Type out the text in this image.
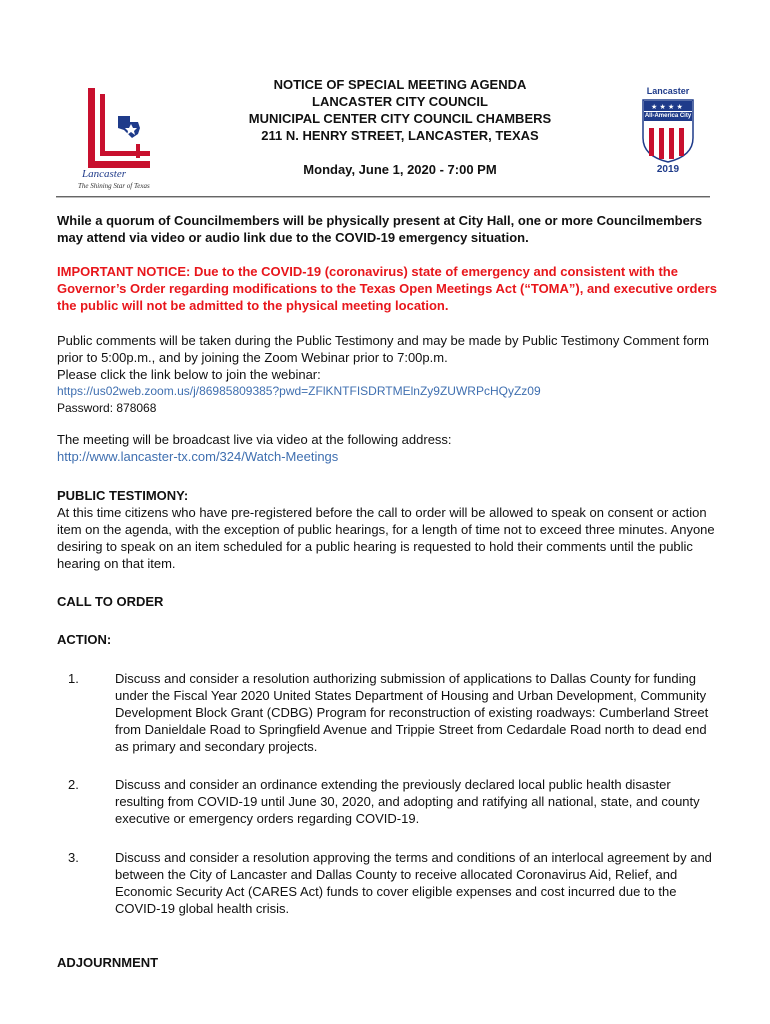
Lancaster
The Shining Star of Texas
NOTICE OF SPECIAL MEETING AGENDA
LANCASTER CITY COUNCIL
MUNICIPAL CENTER CITY COUNCIL CHAMBERS
211 N. HENRY STREET, LANCASTER, TEXAS
Monday, June 1, 2020 - 7:00 PM
Lancaster
★ ★ ★ ★
All-America City
2019
While a quorum of Councilmembers will be physically present at City Hall, one or more Councilmembers may attend via video or audio link due to the COVID-19 emergency situation.
IMPORTANT NOTICE: Due to the COVID-19 (coronavirus) state of emergency and consistent with the Governor’s Order regarding modifications to the Texas Open Meetings Act (“TOMA”), and executive orders the public will not be admitted to the physical meeting location.
Public comments will be taken during the Public Testimony and may be made by Public Testimony Comment form prior to 5:00p.m., and by joining the Zoom Webinar prior to 7:00p.m.
Please click the link below to join the webinar:
https://us02web.zoom.us/j/86985809385?pwd=ZFlKNTFISDRTMElnZy9ZUWRPcHQyZz09
Password: 878068
The meeting will be broadcast live via video at the following address:
http://www.lancaster-tx.com/324/Watch-Meetings
PUBLIC TESTIMONY:
At this time citizens who have pre-registered before the call to order will be allowed to speak on consent or action item on the agenda, with the exception of public hearings, for a length of time not to exceed three minutes. Anyone desiring to speak on an item scheduled for a public hearing is requested to hold their comments until the public hearing on that item.
CALL TO ORDER
ACTION:
1.	Discuss and consider a resolution authorizing submission of applications to Dallas County for funding under the Fiscal Year 2020 United States Department of Housing and Urban Development, Community Development Block Grant (CDBG) Program for reconstruction of existing roadways: Cumberland Street from Danieldale Road to Springfield Avenue and Trippie Street from Cedardale Road north to dead end as primary and secondary projects.
2.	Discuss and consider an ordinance extending the previously declared local public health disaster resulting from COVID-19 until June 30, 2020, and adopting and ratifying all national, state, and county executive or emergency orders regarding COVID-19.
3.	Discuss and consider a resolution approving the terms and conditions of an interlocal agreement by and between the City of Lancaster and Dallas County to receive allocated Coronavirus Aid, Relief, and Economic Security Act (CARES Act) funds to cover eligible expenses and cost incurred due to the COVID-19 global health crisis.
ADJOURNMENT
